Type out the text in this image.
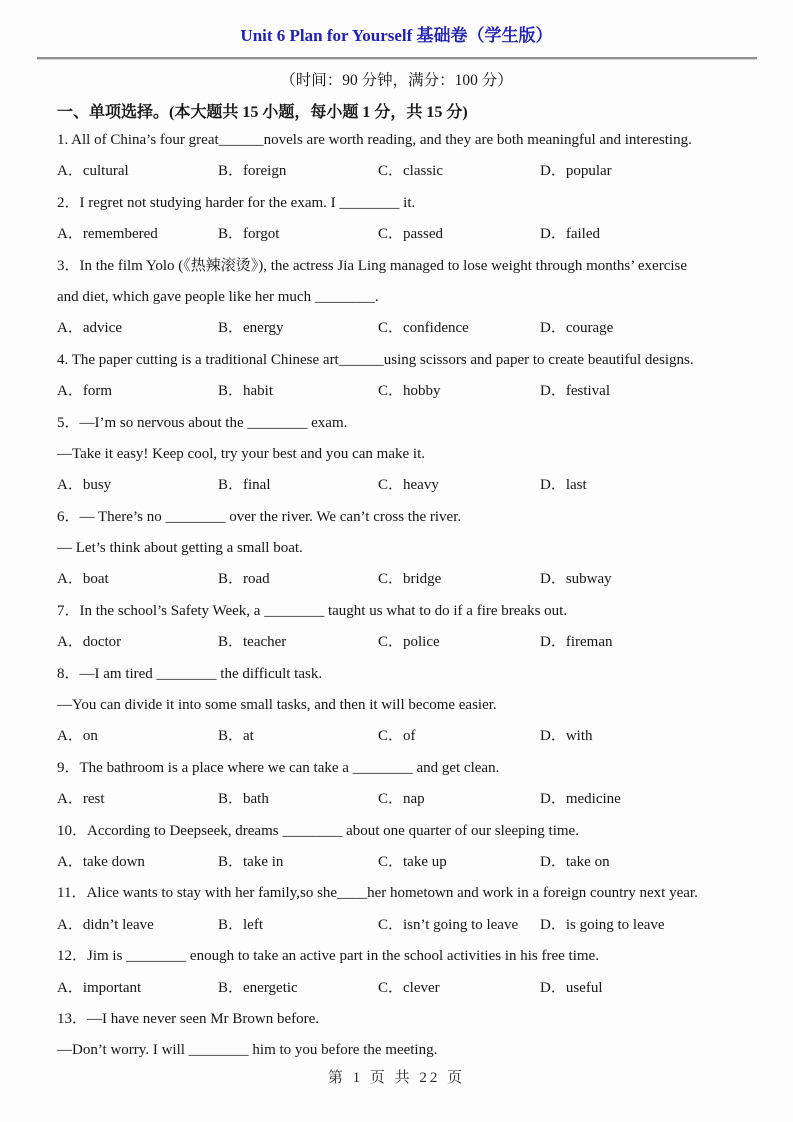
Unit 6 Plan for Yourself 基础卷（学生版）
（时间：90 分钟，满分：100 分）
一、单项选择。(本大题共 15 小题，每小题 1 分，共 15 分)
1. All of China’s four great______novels are worth reading, and they are both meaningful and interesting.
A．cultural	B．foreign	C．classic	D．popular
2．I regret not studying harder for the exam. I ________ it.
A．remembered	B．forgot	C．passed	D．failed
3．In the film Yolo (《热辣滚烫》), the actress Jia Ling managed to lose weight through months’ exercise
and diet, which gave people like her much ________.
A．advice	B．energy	C．confidence	D．courage
4. The paper cutting is a traditional Chinese art______using scissors and paper to create beautiful designs.
A．form	B．habit	C．hobby	D．festival
5．—I’m so nervous about the ________ exam.
—Take it easy! Keep cool, try your best and you can make it.
A．busy	B．final	C．heavy	D．last
6．— There’s no ________ over the river. We can’t cross the river.
— Let’s think about getting a small boat.
A．boat	B．road	C．bridge	D．subway
7．In the school’s Safety Week, a ________ taught us what to do if a fire breaks out.
A．doctor	B．teacher	C．police	D．fireman
8．—I am tired ________ the difficult task.
—You can divide it into some small tasks, and then it will become easier.
A．on	B．at	C．of	D．with
9．The bathroom is a place where we can take a ________ and get clean.
A．rest	B．bath	C．nap	D．medicine
10．According to Deepseek, dreams ________ about one quarter of our sleeping time.
A．take down	B．take in	C．take up	D．take on
11．Alice wants to stay with her family,so she____her hometown and work in a foreign country next year.
A．didn’t leave	B．left	C．isn’t going to leave	D．is going to leave
12．Jim is ________ enough to take an active part in the school activities in his free time.
A．important	B．energetic	C．clever	D．useful
13．—I have never seen Mr Brown before.
—Don’t worry. I will ________ him to you before the meeting.
第 1 页 共 22 页
